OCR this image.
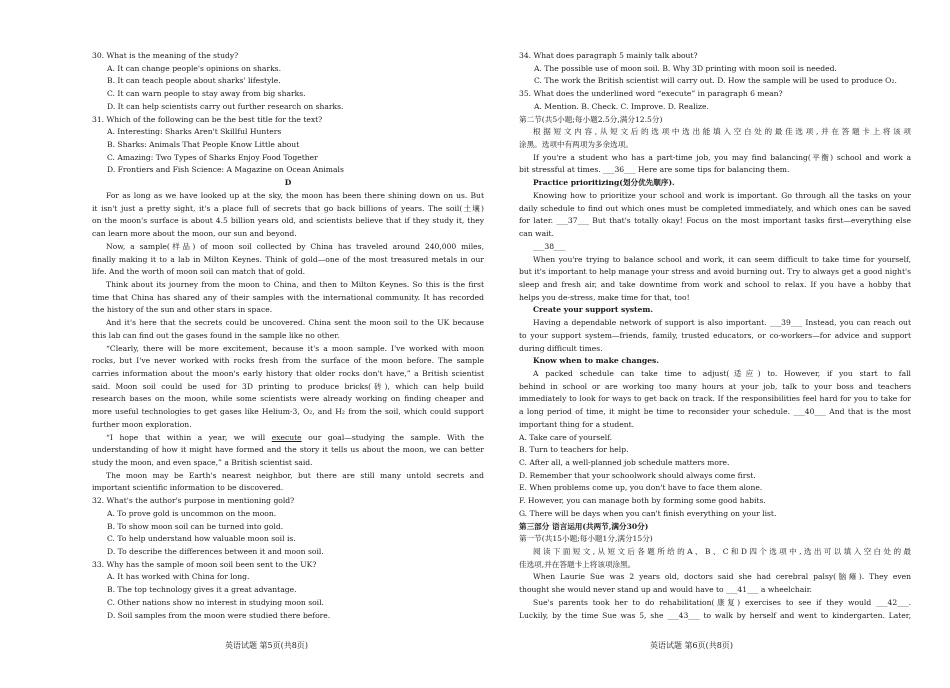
30. What is the meaning of the study?
A. It can change people's opinions on sharks.
B. It can teach people about sharks' lifestyle.
C. It can warn people to stay away from big sharks.
D. It can help scientists carry out further research on sharks.
31. Which of the following can be the best title for the text?
A. Interesting: Sharks Aren't Skillful Hunters
B. Sharks: Animals That People Know Little about
C. Amazing: Two Types of Sharks Enjoy Food Together
D. Frontiers and Fish Science: A Magazine on Ocean Animals
D
For as long as we have looked up at the sky, the moon has been there shining down on us. But
it isn't just a pretty sight, it's a place full of secrets that go back billions of years. The soil(土壤)
on the moon's surface is about 4.5 billion years old, and scientists believe that if they study it, they
can learn more about the moon, our sun and beyond.
Now, a sample(样品) of moon soil collected by China has traveled around 240,000 miles,
finally making it to a lab in Milton Keynes. Think of gold—one of the most treasured metals in our
life. And the worth of moon soil can match that of gold.
Think about its journey from the moon to China, and then to Milton Keynes. So this is the first
time that China has shared any of their samples with the international community. It has recorded
the history of the sun and other stars in space.
And it's here that the secrets could be uncovered. China sent the moon soil to the UK because
this lab can find out the gases found in the sample like no other.
“Clearly, there will be more excitement, because it's a moon sample. I've worked with moon
rocks, but I've never worked with rocks fresh from the surface of the moon before. The sample
carries information about the moon's early history that older rocks don't have,” a British scientist
said. Moon soil could be used for 3D printing to produce bricks(砖), which can help build
research bases on the moon, while some scientists were already working on finding cheaper and
more useful technologies to get gases like Helium-3, O₂, and H₂ from the soil, which could support
further moon exploration.
“I hope that within a year, we will execute our goal—studying the sample. With the
understanding of how it might have formed and the story it tells us about the moon, we can better
study the moon, and even space,” a British scientist said.
The moon may be Earth's nearest neighbor, but there are still many untold secrets and
important scientific information to be discovered.
32. What's the author's purpose in mentioning gold?
A. To prove gold is uncommon on the moon.
B. To show moon soil can be turned into gold.
C. To help understand how valuable moon soil is.
D. To describe the differences between it and moon soil.
33. Why has the sample of moon soil been sent to the UK?
A. It has worked with China for long.
B. The top technology gives it a great advantage.
C. Other nations show no interest in studying moon soil.
D. Soil samples from the moon were studied there before.
34. What does paragraph 5 mainly talk about?
A. The possible use of moon soil. B. Why 3D printing with moon soil is needed.
C. The work the British scientist will carry out. D. How the sample will be used to produce O₂.
35. What does the underlined word “execute” in paragraph 6 mean?
A. Mention. B. Check. C. Improve. D. Realize.
第二节(共5小题;每小题2.5分,满分12.5分)
根据短文内容,从短文后的选项中选出能填入空白处的最佳选项,并在答题卡上将该项
涂黑。选项中有两项为多余选项。
If you're a student who has a part-time job, you may find balancing(平衡) school and work a
bit stressful at times. ___36___ Here are some tips for balancing them.
Practice prioritizing(划分优先顺序).
Knowing how to prioritize your school and work is important. Go through all the tasks on your
daily schedule to find out which ones must be completed immediately, and which ones can be saved
for later. ___37___ But that's totally okay! Focus on the most important tasks first—everything else
can wait.
___38___
When you're trying to balance school and work, it can seem difficult to take time for yourself,
but it's important to help manage your stress and avoid burning out. Try to always get a good night's
sleep and fresh air, and take downtime from work and school to relax. If you have a hobby that
helps you de-stress, make time for that, too!
Create your support system.
Having a dependable network of support is also important. ___39___ Instead, you can reach out
to your support system—friends, family, trusted educators, or co-workers—for advice and support
during difficult times.
Know when to make changes.
A packed schedule can take time to adjust(适应) to. However, if you start to fall
behind in school or are working too many hours at your job, talk to your boss and teachers
immediately to look for ways to get back on track. If the responsibilities feel hard for you to take for
a long period of time, it might be time to reconsider your schedule. ___40___ And that is the most
important thing for a student.
A. Take care of yourself.
B. Turn to teachers for help.
C. After all, a well-planned job schedule matters more.
D. Remember that your schoolwork should always come first.
E. When problems come up, you don't have to face them alone.
F. However, you can manage both by forming some good habits.
G. There will be days when you can't finish everything on your list.
第三部分 语言运用(共两节,满分30分)
第一节(共15小题;每小题1分,满分15分)
阅读下面短文,从短文后各题所给的A、B、C和D四个选项中,选出可以填入空白处的最
佳选项,并在答题卡上将该项涂黑。
When Laurie Sue was 2 years old, doctors said she had cerebral palsy(脑瘫). They even
thought she would never stand up and would have to ___41___ a wheelchair.
Sue's parents took her to do rehabilitation(康复) exercises to see if they would ___42___.
Luckily, by the time Sue was 5, she ___43___ to walk by herself and went to kindergarten. Later,
英语试题 第5页(共8页)	英语试题 第6页(共8页)
